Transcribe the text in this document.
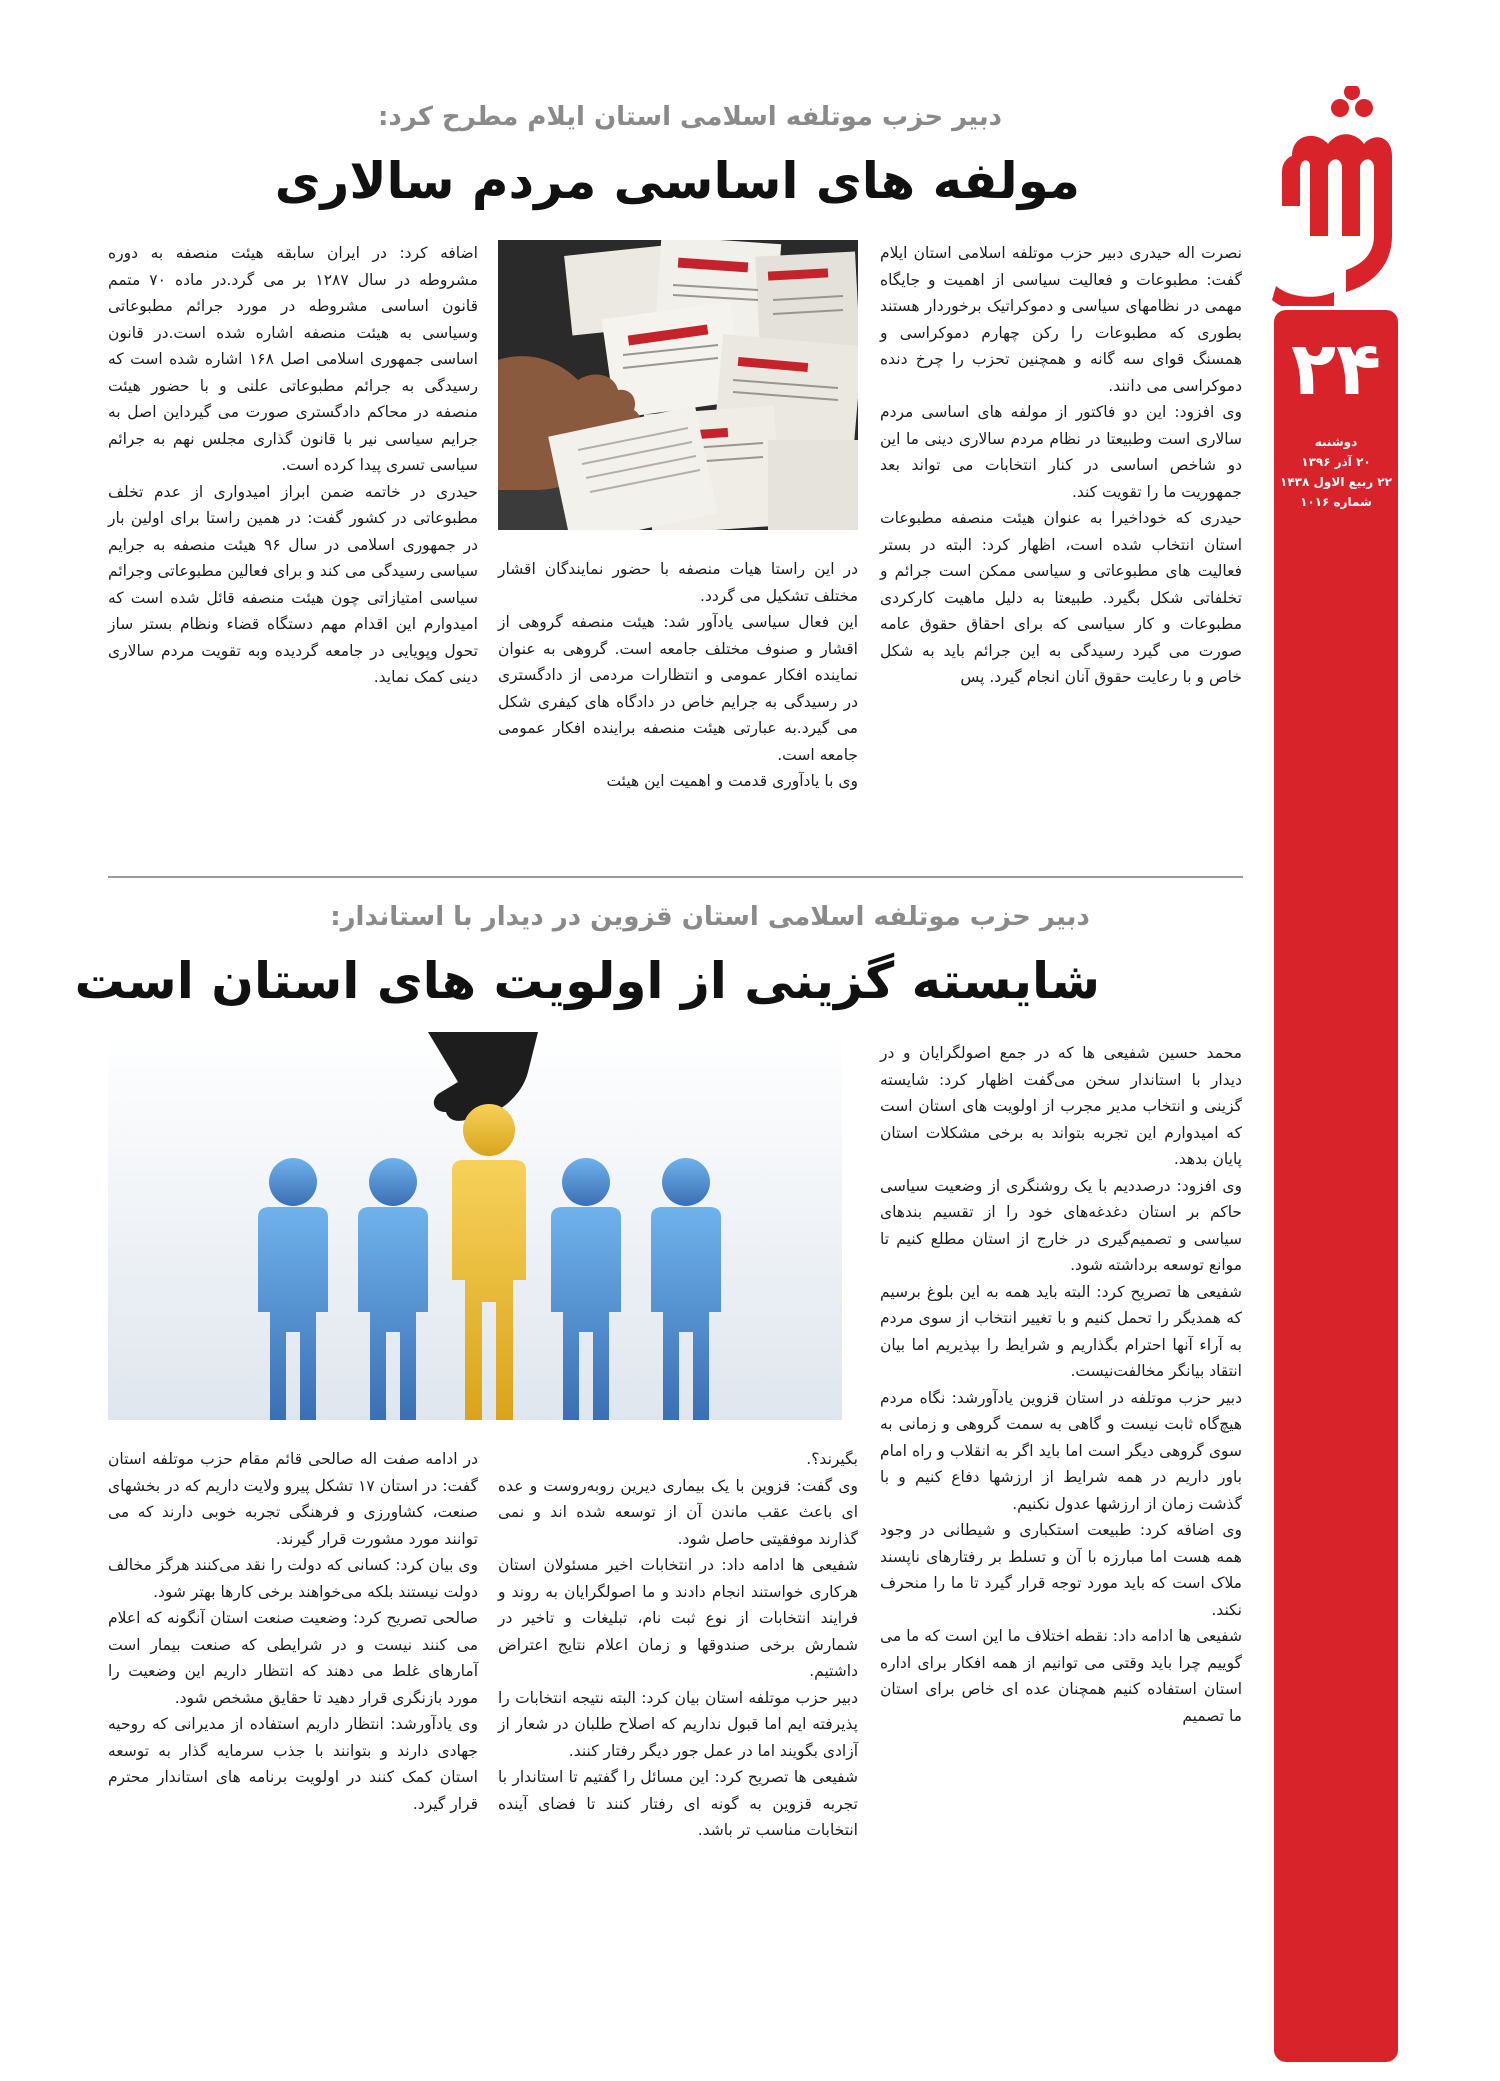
۲۴
دوشنبه
۲۰ آذر ۱۳۹۶
۲۲ ربیع الاول ۱۴۳۸
شماره ۱۰۱۶
دبیر حزب موتلفه اسلامی استان ایلام مطرح کرد:
مولفه های اساسی مردم سالاری

نصرت اله حیدری دبیر حزب موتلفه اسلامی استان ایلام گفت: مطبوعات و فعالیت سیاسی از اهمیت و جایگاه مهمی در نظامهای سیاسی و دموکراتیک برخوردار هستند بطوری که مطبوعات را رکن چهارم دموکراسی و همسنگ قوای سه گانه و همچنین تحزب را چرخ دنده دموکراسی می دانند.

وی افزود: این دو فاکتور از مولفه های اساسی مردم سالاری است وطبیعتا در نظام مردم سالاری دینی ما این دو شاخص اساسی در کنار انتخابات می تواند بعد جمهوریت ما را تقویت کند.

حیدری که خوداخیرا به عنوان هیئت منصفه مطبوعات استان انتخاب شده است، اظهار کرد: البته در بستر فعالیت های مطبوعاتی و سیاسی ممکن است جرائم و تخلفاتی شکل بگیرد. طبیعتا به دلیل ماهیت کارکردی مطبوعات و کار سیاسی که برای احقاق حقوق عامه صورت می گیرد رسیدگی به این جرائم باید به شکل خاص و با رعایت حقوق آنان انجام گیرد. پس

در این راستا هیات منصفه با حضور نمایندگان اقشار مختلف تشکیل می گردد.

این فعال سیاسی یادآور شد: هیئت منصفه گروهی از اقشار و صنوف مختلف جامعه است. گروهی به عنوان نماینده افکار عمومی و انتظارات مردمی از دادگستری در رسیدگی به جرایم خاص در دادگاه های کیفری شکل می گیرد.به عبارتی هیئت منصفه براینده افکار عمومی جامعه است.

وی با یادآوری قدمت و اهمیت این هیئت

اضافه کرد: در ایران سابقه هیئت منصفه به دوره مشروطه در سال ۱۲۸۷ بر می گرد.در ماده ۷۰ متمم قانون اساسی مشروطه در مورد جرائم مطبوعاتی وسیاسی به هیئت منصفه اشاره شده است.در قانون اساسی جمهوری اسلامی اصل ۱۶۸ اشاره شده است که رسیدگی به جرائم مطبوعاتی علنی و با حضور هیئت منصفه در محاکم دادگستری صورت می گیرداین اصل به جرایم سیاسی نیر با قانون گذاری مجلس نهم به جرائم سیاسی تسری پیدا کرده است.

حیدری در خاتمه ضمن ابراز امیدواری از عدم تخلف مطبوعاتی در کشور گفت: در همین راستا برای اولین بار در جمهوری اسلامی در سال ۹۶ هیئت منصفه به جرایم سیاسی رسیدگی می کند و برای فعالین مطبوعاتی وجرائم سیاسی امتیازاتی چون هیئت منصفه قائل شده است که امیدوارم این اقدام مهم دستگاه قضاء ونظام بستر ساز تحول وپویایی در جامعه گردیده وبه تقویت مردم سالاری دینی کمک نماید.

دبیر حزب موتلفه اسلامی استان قزوین در دیدار با استاندار:
شایسته گزینی از اولویت های استان است

محمد حسین شفیعی ها که در جمع اصولگرایان و در دیدار با استاندار سخن می‌گفت اظهار کرد: شایسته گزینی و انتخاب مدیر مجرب از اولویت های استان است که امیدوارم این تجربه بتواند به برخی مشکلات استان پایان بدهد.

وی افزود: درصددیم با یک روشنگری از وضعیت سیاسی حاکم بر استان دغدغه‌های خود را از تقسیم بندهای سیاسی و تصمیم‌گیری در خارج از استان مطلع کنیم تا موانع توسعه برداشته شود.

شفیعی ها تصریح کرد: البته باید همه به این بلوغ برسیم که همدیگر را تحمل کنیم و با تغییر انتخاب از سوی مردم به آراء آنها احترام بگذاریم و شرایط را بپذیریم اما بیان انتقاد بیانگر مخالفت‌نیست.

دبیر حزب موتلفه در استان قزوین یادآورشد: نگاه مردم هیچ‌گاه ثابت نیست و گاهی به سمت گروهی و زمانی به سوی گروهی دیگر است اما باید اگر به انقلاب و راه امام باور داریم در همه شرایط از ارزشها دفاع کنیم و با گذشت زمان از ارزشها عدول نکنیم.

وی اضافه کرد: طبیعت استکباری و شیطانی در وجود همه هست اما مبارزه با آن و تسلط بر رفتارهای ناپسند ملاک است که باید مورد توجه قرار گیرد تا ما را منحرف نکند.

شفیعی ها ادامه داد: نقطه اختلاف ما این است که ما می گوییم چرا باید وقتی می توانیم از همه افکار برای اداره استان استفاده کنیم همچنان عده ای خاص برای استان ما تصمیم

بگیرند؟.

وی گفت: قزوین با یک بیماری دیرین روبه‌روست و عده ای باعث عقب ماندن آن از توسعه شده اند و نمی گذارند موفقیتی حاصل شود.

شفیعی ها ادامه داد: در انتخابات اخیر مسئولان استان هرکاری خواستند انجام دادند و ما اصولگرایان به روند و فرایند انتخابات از نوع ثبت نام، تبلیغات و تاخیر در شمارش برخی صندوقها و زمان اعلام نتایج اعتراض داشتیم.

دبیر حزب موتلفه استان بیان کرد: البته نتیجه انتخابات را پذیرفته ایم اما قبول نداریم که اصلاح طلبان در شعار از آزادی بگویند اما در عمل جور دیگر رفتار کنند.

شفیعی ها تصریح کرد: این مسائل را گفتیم تا استاندار با تجربه قزوین به گونه ای رفتار کنند تا فضای آینده انتخابات مناسب تر باشد.

در ادامه صفت اله صالحی قائم مقام حزب موتلفه استان گفت: در استان ۱۷ تشکل پیرو ولایت داریم که در بخشهای صنعت، کشاورزی و فرهنگی تجربه خوبی دارند که می توانند مورد مشورت قرار گیرند.

وی بیان کرد: کسانی که دولت را نقد می‌کنند هرگز مخالف دولت نیستند بلکه می‌خواهند برخی کارها بهتر شود.

صالحی تصریح کرد: وضعیت صنعت استان آنگونه که اعلام می کنند نیست و در شرایطی که صنعت بیمار است آمارهای غلط می دهند که انتظار داریم این وضعیت را مورد بازنگری قرار دهید تا حقایق مشخص شود.

وی یادآورشد: انتظار داریم استفاده از مدیرانی که روحیه جهادی دارند و بتوانند با جذب سرمایه گذار به توسعه استان کمک کنند در اولویت برنامه های استاندار محترم قرار گیرد.
